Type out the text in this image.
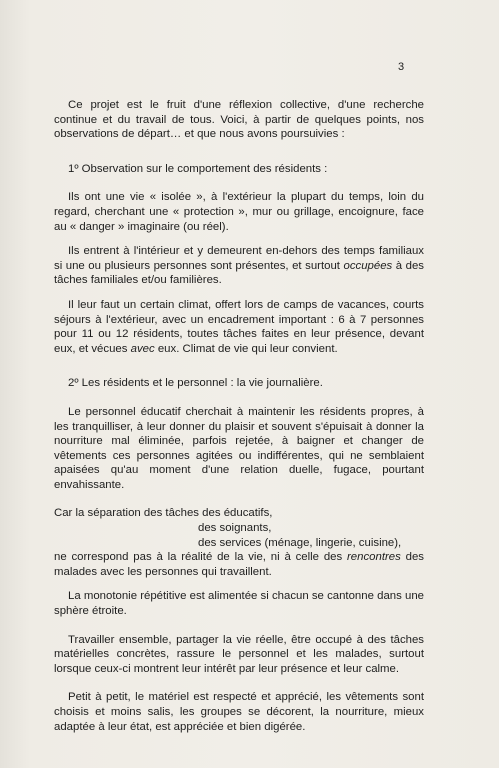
3

Ce projet est le fruit d'une réflexion collective, d'une recherche continue et du travail de tous. Voici, à partir de quelques points, nos observations de départ… et que nous avons poursuivies :

1º Observation sur le comportement des résidents :

Ils ont une vie « isolée », à l'extérieur la plupart du temps, loin du regard, cherchant une « protection », mur ou grillage, encoignure, face au « danger » imaginaire (ou réel).

Ils entrent à l'intérieur et y demeurent en-dehors des temps familiaux si une ou plusieurs personnes sont présentes, et surtout occupées à des tâches familiales et/ou familières.

Il leur faut un certain climat, offert lors de camps de vacances, courts séjours à l'extérieur, avec un encadrement important : 6 à 7 personnes pour 11 ou 12 résidents, toutes tâches faites en leur présence, devant eux, et vécues avec eux. Climat de vie qui leur convient.

2º Les résidents et le personnel : la vie journalière.

Le personnel éducatif cherchait à maintenir les résidents propres, à les tranquilliser, à leur donner du plaisir et souvent s'épuisait à donner la nourriture mal éliminée, parfois rejetée, à baigner et changer de vêtements ces personnes agitées ou indifférentes, qui ne semblaient apaisées qu'au moment d'une relation duelle, fugace, pourtant envahissante.

Car la séparation des tâches des éducatifs,
des soignants,
des services (ménage, lingerie, cuisine),

ne correspond pas à la réalité de la vie, ni à celle des rencontres des malades avec les personnes qui travaillent.

La monotonie répétitive est alimentée si chacun se cantonne dans une sphère étroite.

Travailler ensemble, partager la vie réelle, être occupé à des tâches matérielles concrètes, rassure le personnel et les malades, surtout lorsque ceux-ci montrent leur intérêt par leur présence et leur calme.

Petit à petit, le matériel est respecté et apprécié, les vêtements sont choisis et moins salis, les groupes se décorent, la nourriture, mieux adaptée à leur état, est appréciée et bien digérée.
